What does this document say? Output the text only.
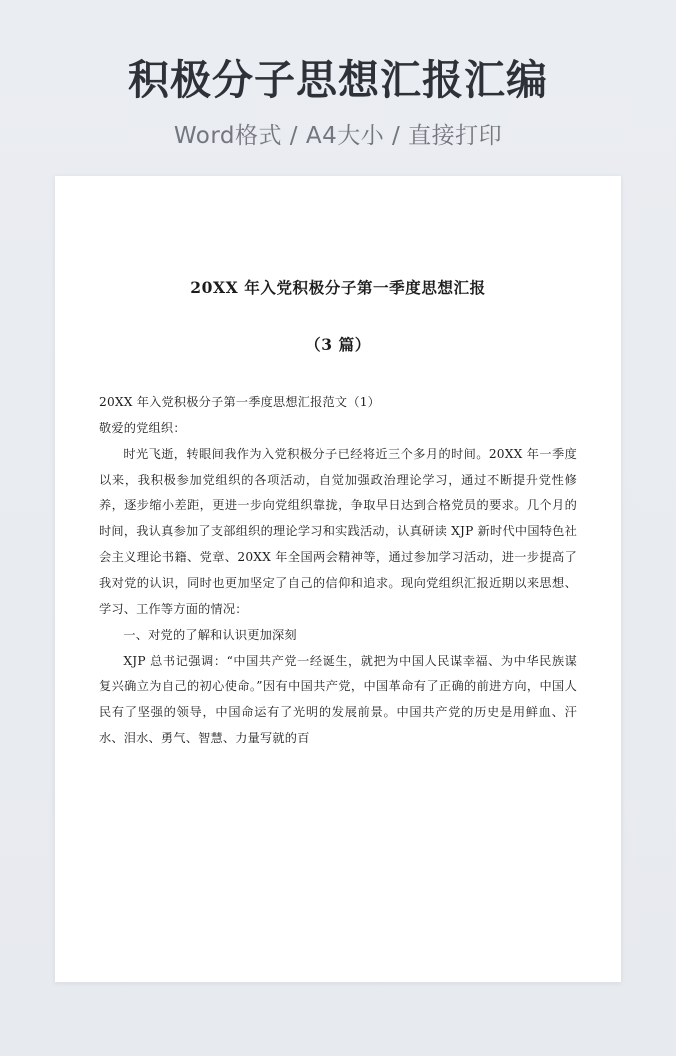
积极分子思想汇报汇编
Word格式 / A4大小 / 直接打印
20XX 年入党积极分子第一季度思想汇报
（3 篇）

20XX 年入党积极分子第一季度思想汇报范文（1）

敬爱的党组织：

时光飞逝，转眼间我作为入党积极分子已经将近三个多月的时间。20XX 年一季度以来，我积极参加党组织的各项活动，自觉加强政治理论学习，通过不断提升党性修养，逐步缩小差距，更进一步向党组织靠拢，争取早日达到合格党员的要求。几个月的时间，我认真参加了支部组织的理论学习和实践活动，认真研读 XJP 新时代中国特色社会主义理论书籍、党章、20XX 年全国两会精神等，通过参加学习活动，进一步提高了我对党的认识，同时也更加坚定了自己的信仰和追求。现向党组织汇报近期以来思想、学习、工作等方面的情况：

一、对党的了解和认识更加深刻

XJP 总书记强调：“中国共产党一经诞生，就把为中国人民谋幸福、为中华民族谋复兴确立为自己的初心使命。”因有中国共产党，中国革命有了正确的前进方向，中国人民有了坚强的领导，中国命运有了光明的发展前景。中国共产党的历史是用鲜血、汗水、泪水、勇气、智慧、力量写就的百
